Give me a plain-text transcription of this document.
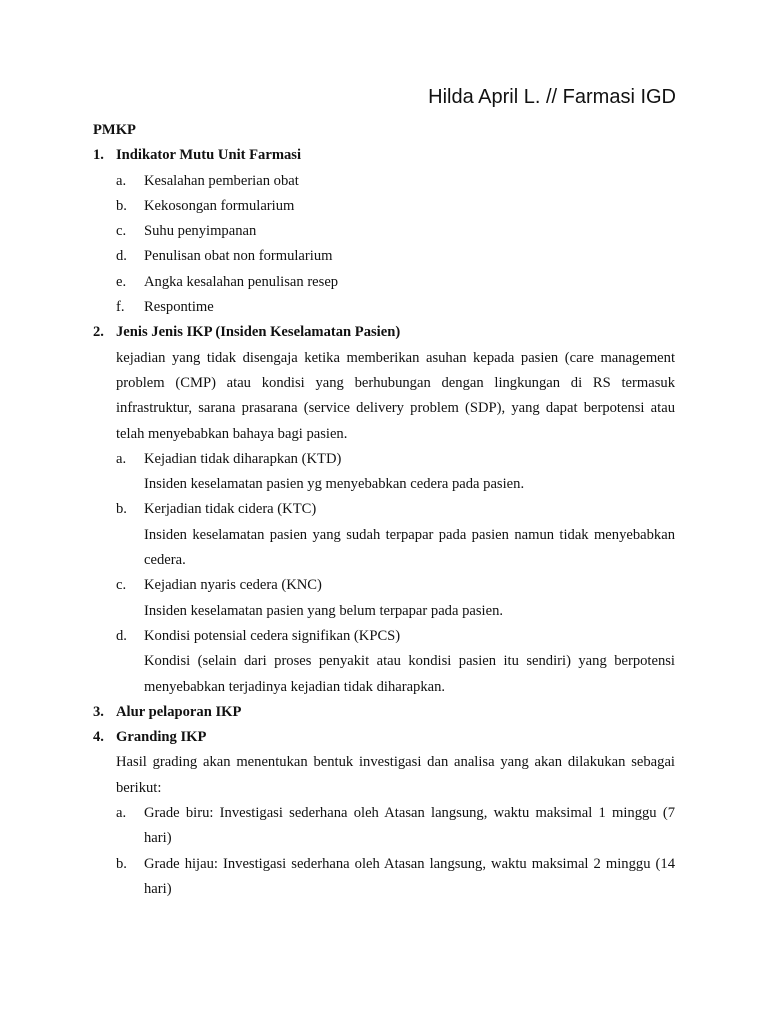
Hilda April L. // Farmasi IGD
PMKP
1. Indikator Mutu Unit Farmasi
a.	Kesalahan pemberian obat
b.	Kekosongan formularium
c.	Suhu penyimpanan
d.	Penulisan obat non formularium
e.	Angka kesalahan penulisan resep
f.	Respontime
2. Jenis Jenis IKP (Insiden Keselamatan Pasien)
kejadian yang tidak disengaja ketika memberikan asuhan kepada pasien (care management problem (CMP) atau kondisi yang berhubungan dengan lingkungan di RS termasuk infrastruktur, sarana prasarana (service delivery problem (SDP), yang dapat berpotensi atau telah menyebabkan bahaya bagi pasien.
a.	Kejadian tidak diharapkan (KTD)
Insiden keselamatan pasien yg menyebabkan cedera pada pasien.
b.	Kerjadian tidak cidera (KTC)
Insiden keselamatan pasien yang sudah terpapar pada pasien namun tidak menyebabkan cedera.
c.	Kejadian nyaris cedera (KNC)
Insiden keselamatan pasien yang belum terpapar pada pasien.
d.	Kondisi potensial cedera signifikan (KPCS)
Kondisi (selain dari proses penyakit atau kondisi pasien itu sendiri) yang berpotensi menyebabkan terjadinya kejadian tidak diharapkan.
3. Alur pelaporan IKP
4. Granding IKP
Hasil grading akan menentukan bentuk investigasi dan analisa yang akan dilakukan sebagai berikut:
a.	Grade biru: Investigasi sederhana oleh Atasan langsung, waktu maksimal 1 minggu (7 hari)
b.	Grade hijau: Investigasi sederhana oleh Atasan langsung, waktu maksimal 2 minggu (14 hari)
